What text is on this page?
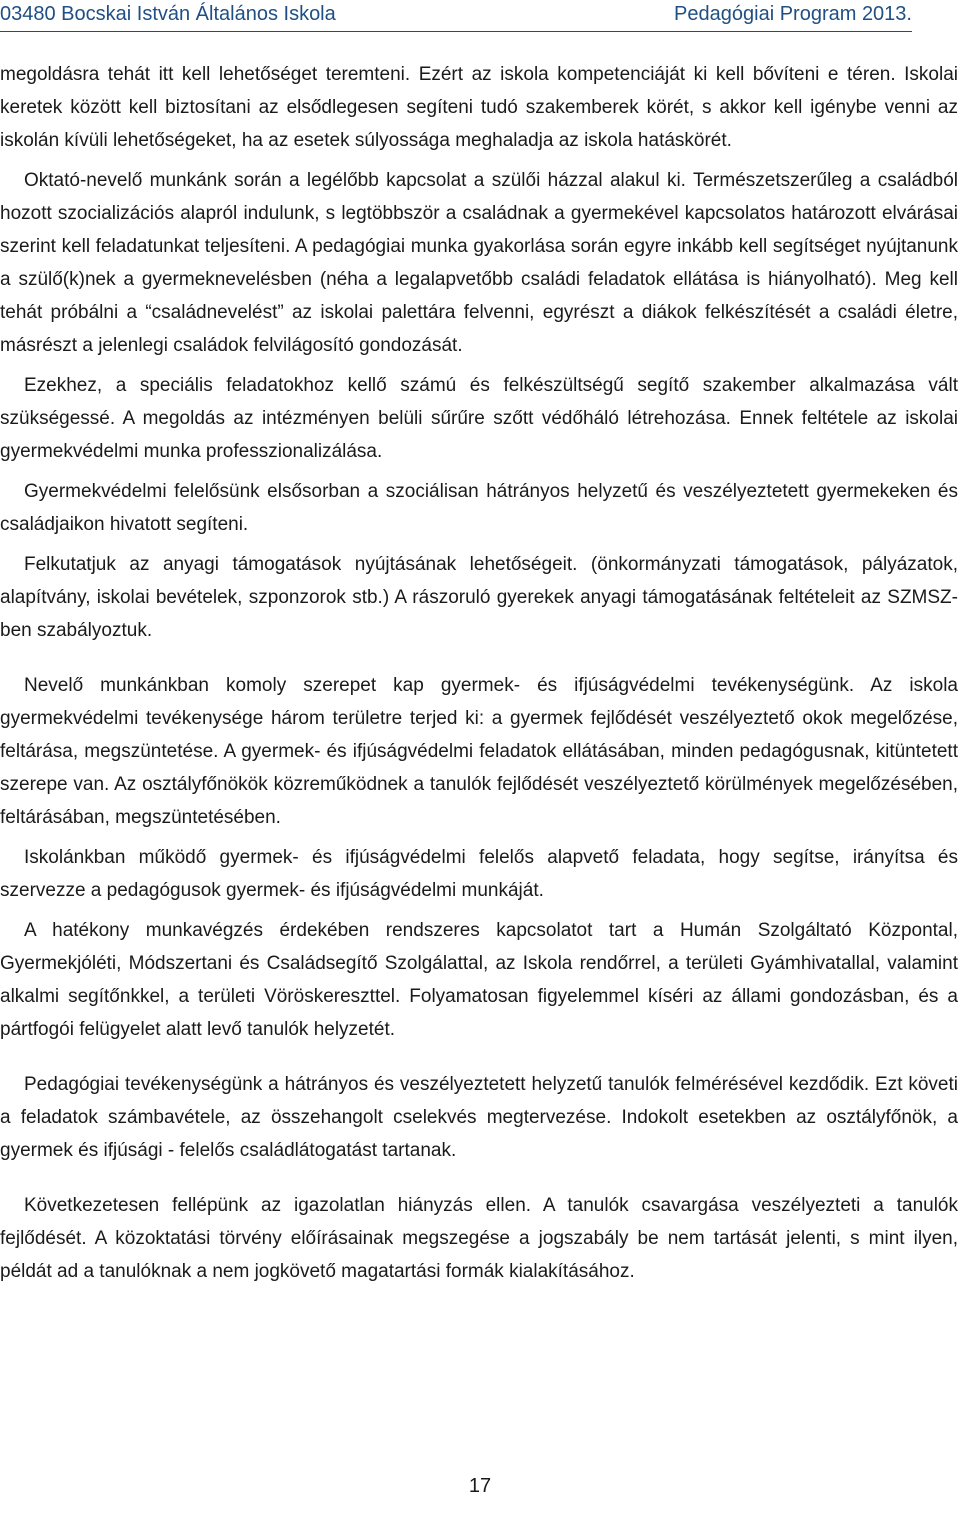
03480 Bocskai István Általános Iskola	Pedagógiai Program 2013.

megoldásra tehát itt kell lehetőséget teremteni. Ezért az iskola kompetenciáját ki kell bővíteni e téren. Iskolai keretek között kell biztosítani az elsődlegesen segíteni tudó szakemberek körét, s akkor kell igénybe venni az iskolán kívüli lehetőségeket, ha az esetek súlyossága meghaladja az iskola hatáskörét.

Oktató-nevelő munkánk során a legélőbb kapcsolat a szülői házzal alakul ki. Természetszerűleg a családból hozott szocializációs alapról indulunk, s legtöbbször a családnak a gyermekével kapcsolatos határozott elvárásai szerint kell feladatunkat teljesíteni. A pedagógiai munka gyakorlása során egyre inkább kell segítséget nyújtanunk a szülő(k)nek a gyermeknevelésben (néha a legalapvetőbb családi feladatok ellátása is hiányolható). Meg kell tehát próbálni a “családnevelést” az iskolai palettára felvenni, egyrészt a diákok felkészítését a családi életre, másrészt a jelenlegi családok felvilágosító gondozását.

Ezekhez, a speciális feladatokhoz kellő számú és felkészültségű segítő szakember alkalmazása vált szükségessé. A megoldás az intézményen belüli sűrűre szőtt védőháló létrehozása. Ennek feltétele az iskolai gyermekvédelmi munka professzionalizálása.

Gyermekvédelmi felelősünk elsősorban a szociálisan hátrányos helyzetű és veszélyeztetett gyermekeken és családjaikon hivatott segíteni.

Felkutatjuk az anyagi támogatások nyújtásának lehetőségeit. (önkormányzati támogatások, pályázatok, alapítvány, iskolai bevételek, szponzorok stb.) A rászoruló gyerekek anyagi támogatásának feltételeit az SZMSZ-ben szabályoztuk.

Nevelő munkánkban komoly szerepet kap gyermek- és ifjúságvédelmi tevékenységünk. Az iskola gyermekvédelmi tevékenysége három területre terjed ki: a gyermek fejlődését veszélyeztető okok megelőzése, feltárása, megszüntetése. A gyermek- és ifjúságvédelmi feladatok ellátásában, minden pedagógusnak, kitüntetett szerepe van. Az osztályfőnökök közreműködnek a tanulók fejlődését veszélyeztető körülmények megelőzésében, feltárásában, megszüntetésében.

Iskolánkban működő gyermek- és ifjúságvédelmi felelős alapvető feladata, hogy segítse, irányítsa és szervezze a pedagógusok gyermek- és ifjúságvédelmi munkáját.

A hatékony munkavégzés érdekében rendszeres kapcsolatot tart a Humán Szolgáltató Központal, Gyermekjóléti, Módszertani és Családsegítő Szolgálattal, az Iskola rendőrrel, a területi Gyámhivatallal, valamint alkalmi segítőnkkel, a területi Vöröskereszttel. Folyamatosan figyelemmel kíséri az állami gondozásban, és a pártfogói felügyelet alatt levő tanulók helyzetét.

Pedagógiai tevékenységünk a hátrányos és veszélyeztetett helyzetű tanulók felmérésével kezdődik. Ezt követi a feladatok számbavétele, az összehangolt cselekvés megtervezése. Indokolt esetekben az osztályfőnök, a gyermek és ifjúsági - felelős családlátogatást tartanak.

Következetesen fellépünk az igazolatlan hiányzás ellen. A tanulók csavargása veszélyezteti a tanulók fejlődését. A közoktatási törvény előírásainak megszegése a jogszabály be nem tartását jelenti, s mint ilyen, példát ad a tanulóknak a nem jogkövető magatartási formák kialakításához.

17
